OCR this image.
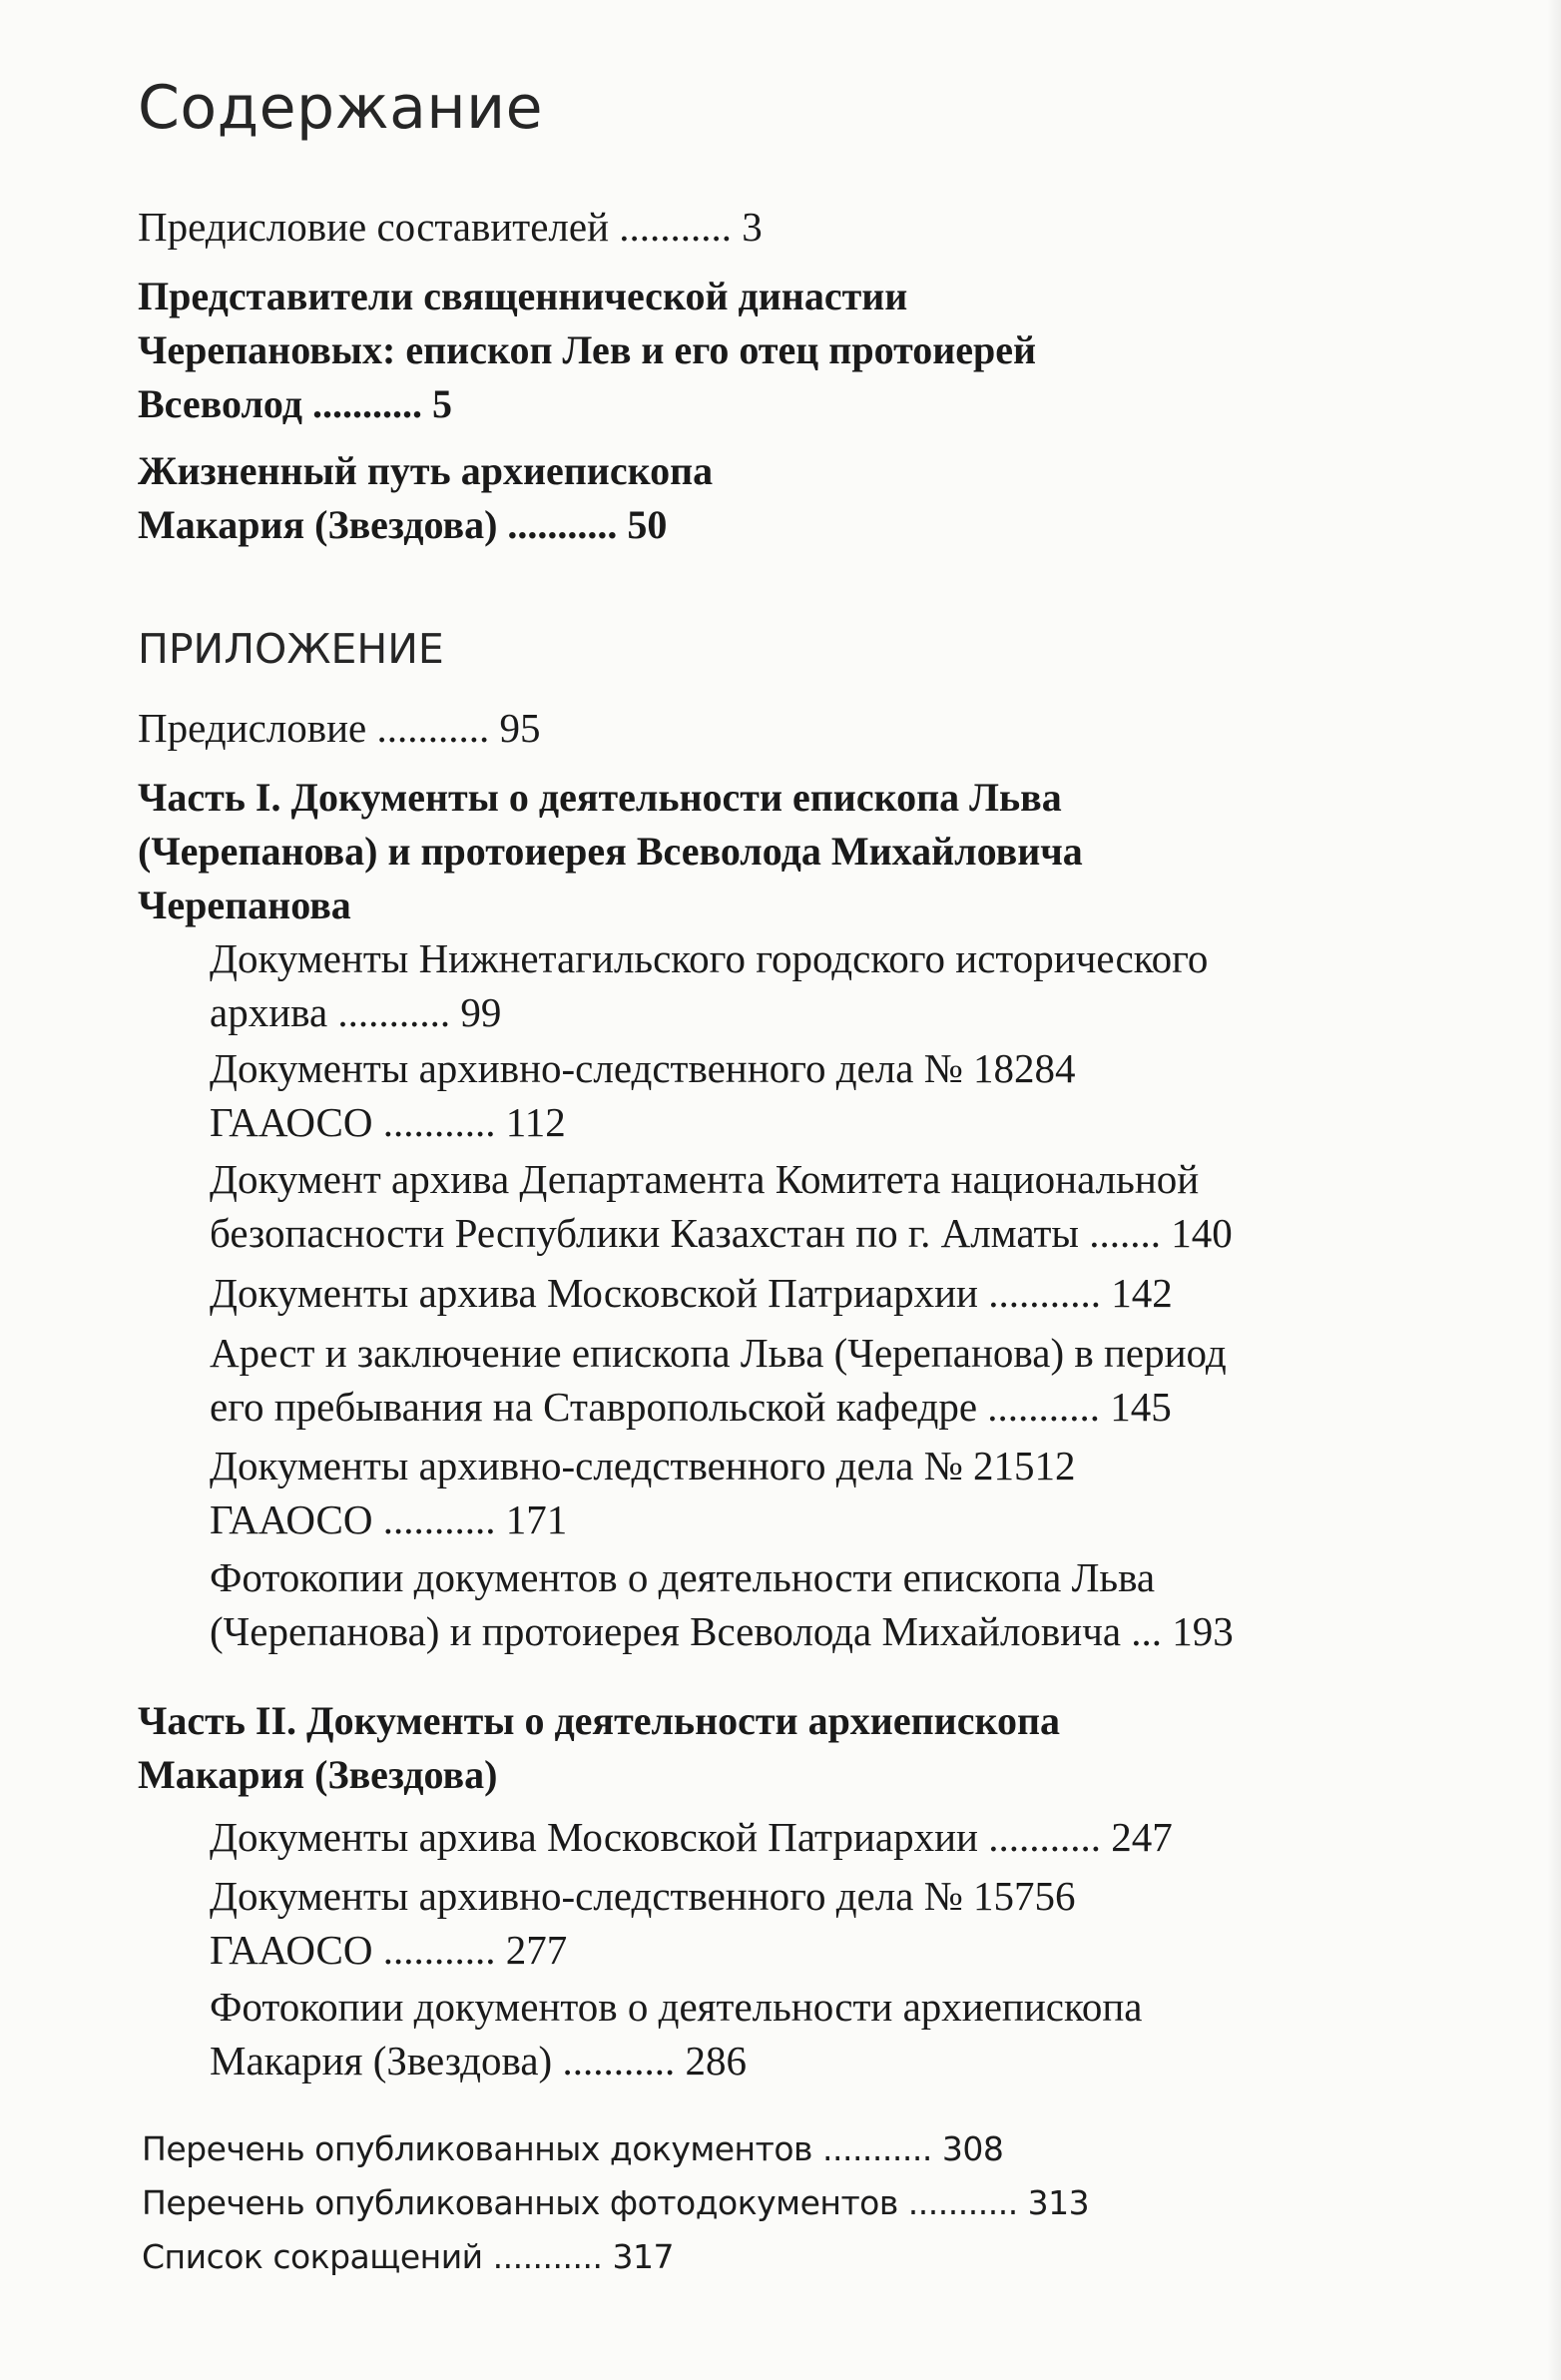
Содержание
Предисловие составителей ........... 3
Представители священнической династии
Черепановых: епископ Лев и его отец протоиерей
Всеволод ........... 5
Жизненный путь архиепископа
Макария (Звездова) ........... 50
ПРИЛОЖЕНИЕ
Предисловие ........... 95
Часть I. Документы о деятельности епископа Льва
(Черепанова) и протоиерея Всеволода Михайловича
Черепанова
Документы Нижнетагильского городского исторического
архива ........... 99
Документы архивно-следственного дела № 18284
ГААОСО ........... 112
Документ архива Департамента Комитета национальной
безопасности Республики Казахстан по г. Алматы ....... 140
Документы архива Московской Патриархии ........... 142
Арест и заключение епископа Льва (Черепанова) в период
его пребывания на Ставропольской кафедре ........... 145
Документы архивно-следственного дела № 21512
ГААОСО ........... 171
Фотокопии документов о деятельности епископа Льва
(Черепанова) и протоиерея Всеволода Михайловича ... 193
Часть II. Документы о деятельности архиепископа
Макария (Звездова)
Документы архива Московской Патриархии ........... 247
Документы архивно-следственного дела № 15756
ГААОСО ........... 277
Фотокопии документов о деятельности архиепископа
Макария (Звездова) ........... 286
Перечень опубликованных документов ........... 308
Перечень опубликованных фотодокументов ........... 313
Список сокращений ........... 317
